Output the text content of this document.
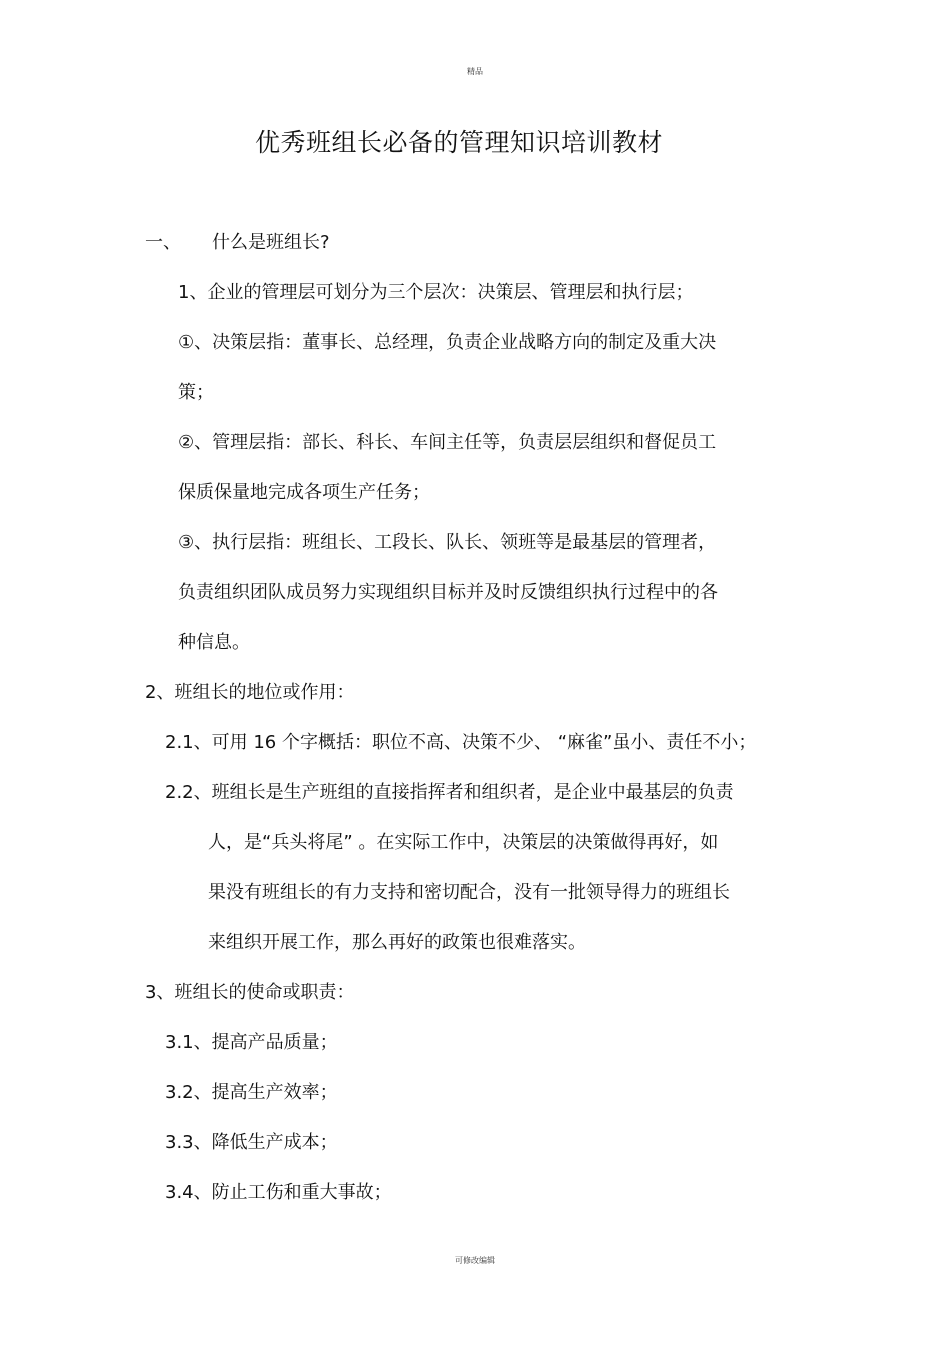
精品
优秀班组长必备的管理知识培训教材
一、 什么是班组长?
1、企业的管理层可划分为三个层次：决策层、管理层和执行层；
①、决策层指：董事长、总经理，负责企业战略方向的制定及重大决
策；
②、管理层指：部长、科长、车间主任等，负责层层组织和督促员工
保质保量地完成各项生产任务；
③、执行层指：班组长、工段长、队长、领班等是最基层的管理者，
负责组织团队成员努力实现组织目标并及时反馈组织执行过程中的各
种信息。
2、班组长的地位或作用：
2.1、可用 16 个字概括：职位不高、决策不少、 “麻雀”虽小、责任不小；
2.2、班组长是生产班组的直接指挥者和组织者，是企业中最基层的负责
人，是“兵头将尾” 。在实际工作中，决策层的决策做得再好，如
果没有班组长的有力支持和密切配合，没有一批领导得力的班组长
来组织开展工作，那么再好的政策也很难落实。
3、班组长的使命或职责：
3.1、提高产品质量；
3.2、提高生产效率；
3.3、降低生产成本；
3.4、防止工伤和重大事故；
可修改编辑
